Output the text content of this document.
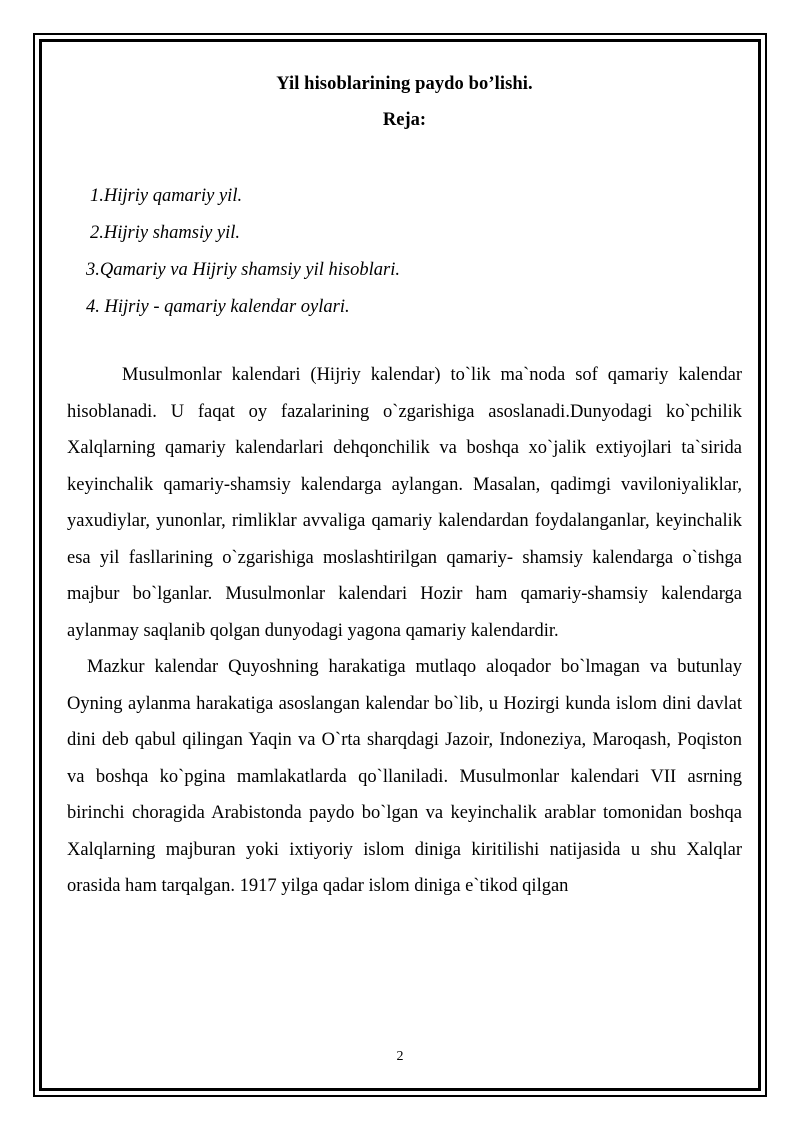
Yil hisoblarining paydo bo’lishi.
Reja:
1.Hijriy qamariy yil.
2.Hijriy shamsiy yil.
3.Qamariy va Hijriy shamsiy yil hisoblari.
4. Hijriy - qamariy kalendar oylari.

Musulmonlar kalendari (Hijriy kalendar) to`lik ma`noda sof qamariy kalendar hisoblanadi. U faqat oy fazalarining o`zgarishiga asoslanadi.Dunyodagi ko`pchilik Xalqlarning qamariy kalendarlari dehqonchilik va boshqa xo`jalik extiyojlari ta`sirida keyinchalik qamariy-shamsiy kalendarga aylangan. Masalan, qadimgi vaviloniyaliklar, yaxudiylar, yunonlar, rimliklar avvaliga qamariy kalendardan foydalanganlar, keyinchalik esa yil fasllarining o`zgarishiga moslashtirilgan qamariy- shamsiy kalendarga o`tishga majbur bo`lganlar. Musulmonlar kalendari Hozir ham qamariy-shamsiy kalendarga aylanmay saqlanib qolgan dunyodagi yagona qamariy kalendardir.

Mazkur kalendar Quyoshning harakatiga mutlaqo aloqador bo`lmagan va butunlay Oyning aylanma harakatiga asoslangan kalendar bo`lib, u Hozirgi kunda islom dini davlat dini deb qabul qilingan Yaqin va O`rta sharqdagi Jazoir, Indoneziya, Maroqash, Poqiston va boshqa ko`pgina mamlakatlarda qo`llaniladi. Musulmonlar kalendari VII asrning birinchi choragida Arabistonda paydo bo`lgan va keyinchalik arablar tomonidan boshqa Xalqlarning majburan yoki ixtiyoriy islom diniga kiritilishi natijasida u shu Xalqlar orasida ham tarqalgan. 1917 yilga qadar islom diniga e`tikod qilgan

2
